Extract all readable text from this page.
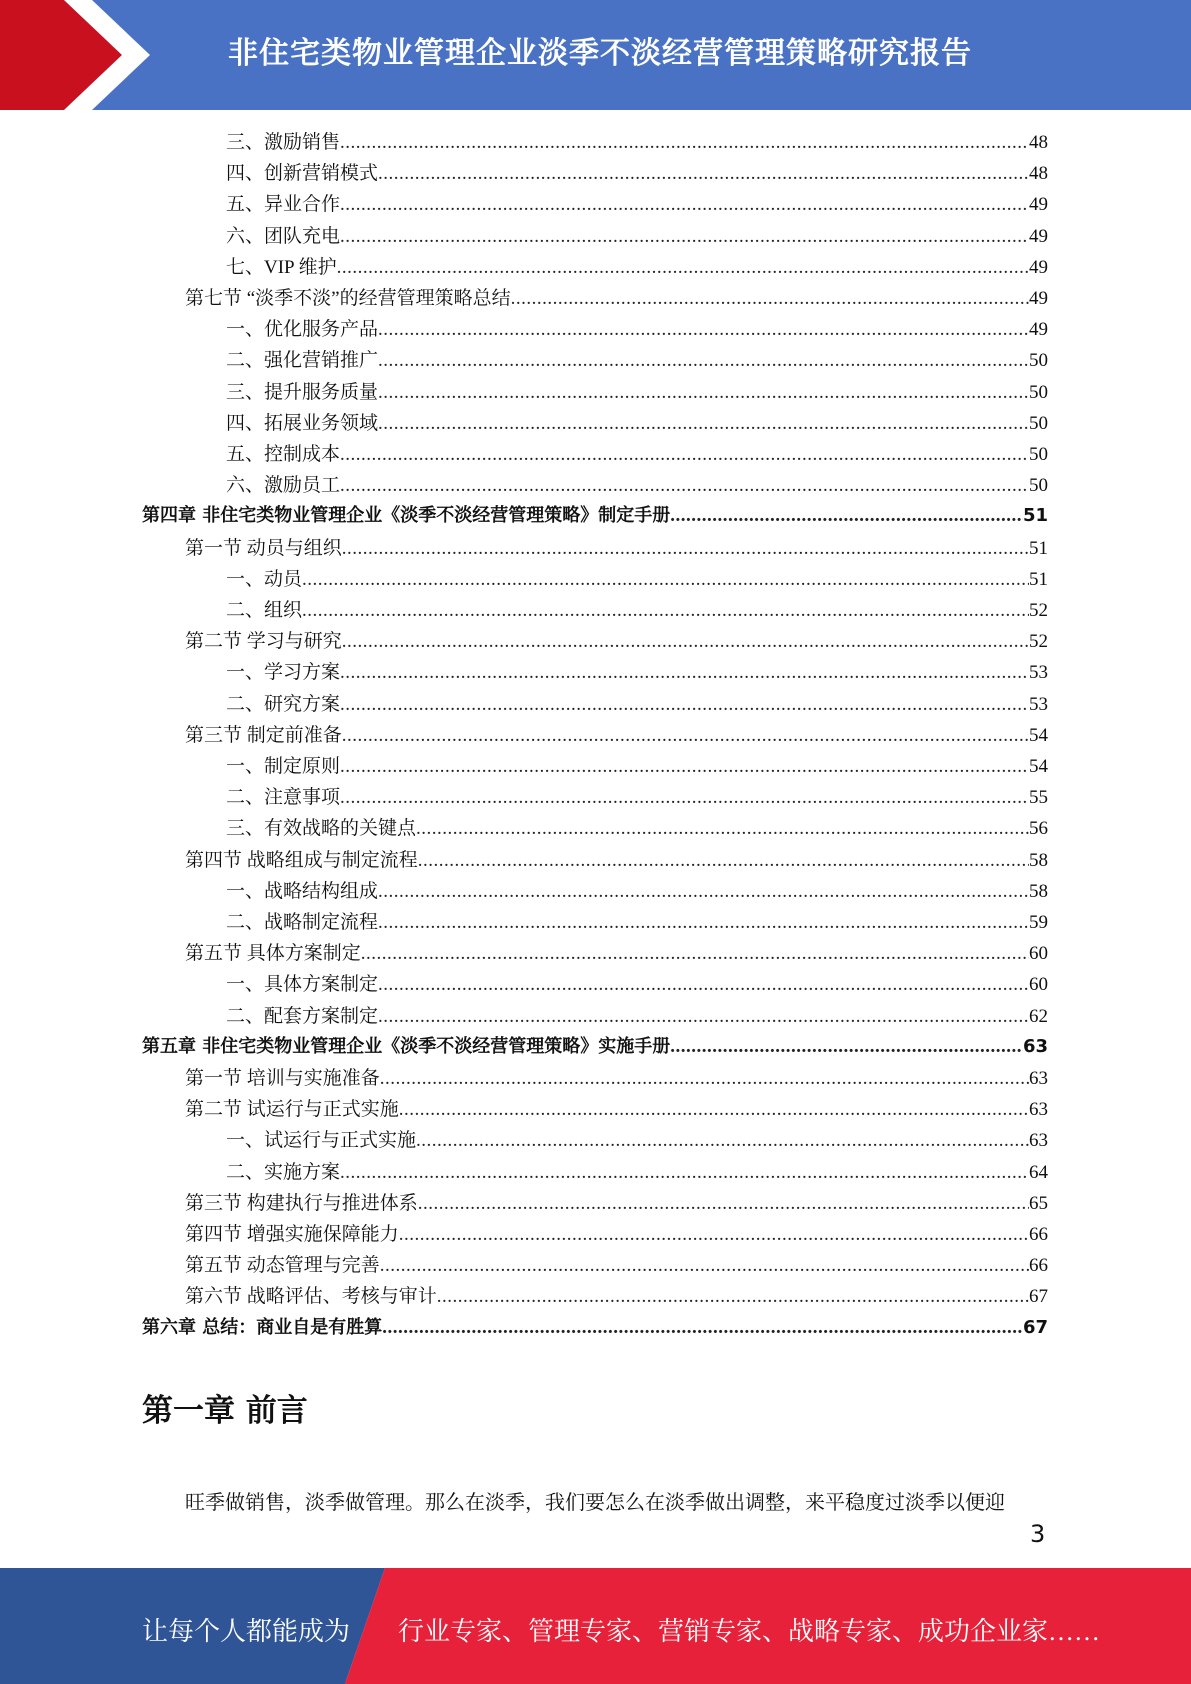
非住宅类物业管理企业淡季不淡经营管理策略研究报告
三、激励销售 .....	48
四、创新营销模式 .....	48
五、异业合作 .....	49
六、团队充电 .....	49
七、VIP 维护 .....	49
第七节 “淡季不淡”的经营管理策略总结 .....	49
一、优化服务产品 .....	49
二、强化营销推广 .....	50
三、提升服务质量 .....	50
四、拓展业务领域 .....	50
五、控制成本 .....	50
六、激励员工 .....	50
第四章 非住宅类物业管理企业《淡季不淡经营管理策略》制定手册 .....	51
第一节 动员与组织 .....	51
一、动员 .....	51
二、组织 .....	52
第二节 学习与研究 .....	52
一、学习方案 .....	53
二、研究方案 .....	53
第三节 制定前准备 .....	54
一、制定原则 .....	54
二、注意事项 .....	55
三、有效战略的关键点 .....	56
第四节 战略组成与制定流程 .....	58
一、战略结构组成 .....	58
二、战略制定流程 .....	59
第五节 具体方案制定 .....	60
一、具体方案制定 .....	60
二、配套方案制定 .....	62
第五章 非住宅类物业管理企业《淡季不淡经营管理策略》实施手册 .....	63
第一节 培训与实施准备 .....	63
第二节 试运行与正式实施 .....	63
一、试运行与正式实施 .....	63
二、实施方案 .....	64
第三节 构建执行与推进体系 .....	65
第四节 增强实施保障能力 .....	66
第五节 动态管理与完善 .....	66
第六节 战略评估、考核与审计 .....	67
第六章 总结：商业自是有胜算 .....	67
第一章 前言
旺季做销售，淡季做管理。那么在淡季，我们要怎么在淡季做出调整，来平稳度过淡季以便迎
3
让每个人都能成为 行业专家、管理专家、营销专家、战略专家、成功企业家……
